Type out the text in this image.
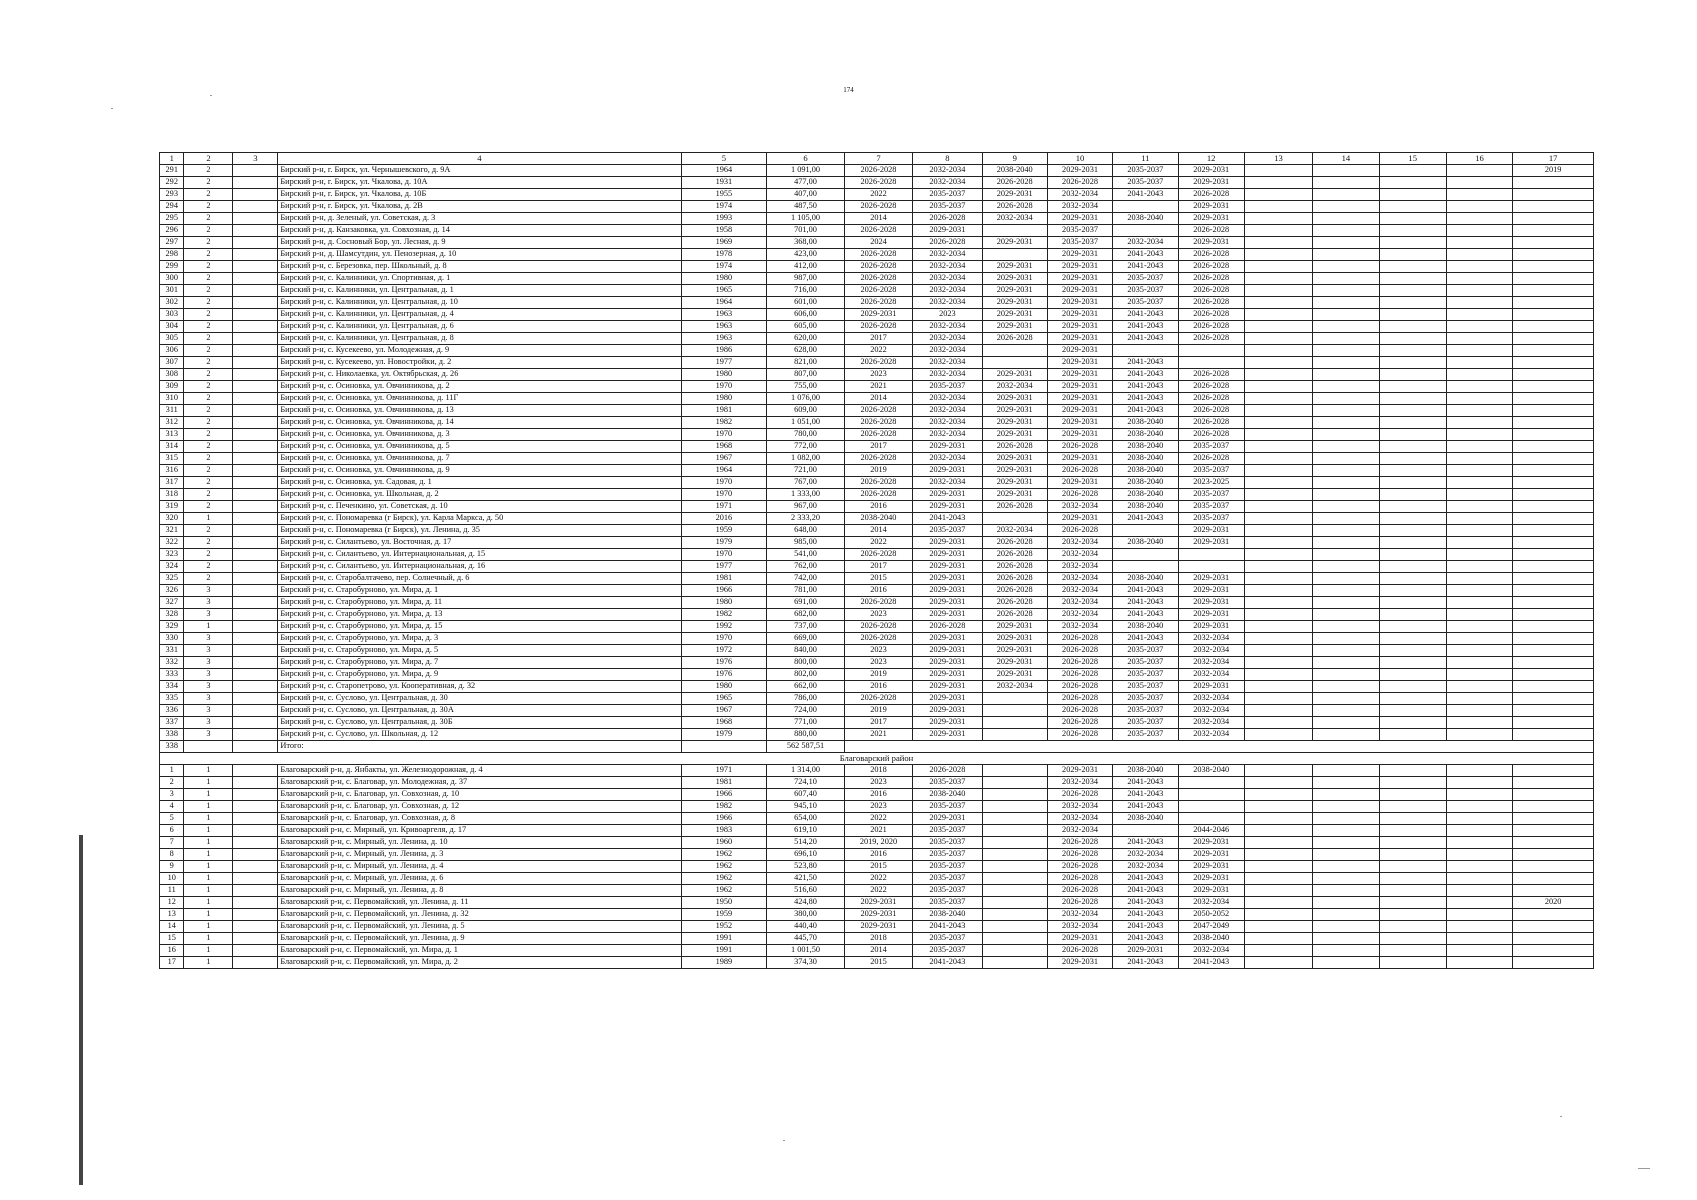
174
1	2	3	4	5	6	7	8	9	10	11	12	13	14	15	16	17
291	2		Бирский р-н, г. Бирск, ул. Чернышевского, д. 9А	1964	1 091,00	2026-2028	2032-2034	2038-2040	2029-2031	2035-2037	2029-2031					2019
292	2		Бирский р-н, г. Бирск, ул. Чкалова, д. 10А	1931	477,00	2026-2028	2032-2034	2026-2028	2026-2028	2035-2037	2029-2031					
293	2		Бирский р-н, г. Бирск, ул. Чкалова, д. 10Б	1955	407,00	2022	2035-2037	2029-2031	2032-2034	2041-2043	2026-2028					
294	2		Бирский р-н, г. Бирск, ул. Чкалова, д. 2В	1974	487,50	2026-2028	2035-2037	2026-2028	2032-2034		2029-2031					
295	2		Бирский р-н, д. Зеленый, ул. Советская, д. 3	1993	1 105,00	2014	2026-2028	2032-2034	2029-2031	2038-2040	2029-2031					
296	2		Бирский р-н, д. Канзаковка, ул. Совхозная, д. 14	1958	701,00	2026-2028	2029-2031		2035-2037		2026-2028					
297	2		Бирский р-н, д. Сосновый Бор, ул. Лесная, д. 9	1969	368,00	2024	2026-2028	2029-2031	2035-2037	2032-2034	2029-2031					
298	2		Бирский р-н, д. Шамсутдин, ул. Пенозерная, д. 10	1978	423,00	2026-2028	2032-2034		2029-2031	2041-2043	2026-2028					
299	2		Бирский р-н, с. Березовка, пер. Школьный, д. 8	1974	412,00	2026-2028	2032-2034	2029-2031	2029-2031	2041-2043	2026-2028					
300	2		Бирский р-н, с. Калинники, ул. Спортивная, д. 1	1980	987,00	2026-2028	2032-2034	2029-2031	2029-2031	2035-2037	2026-2028					
301	2		Бирский р-н, с. Калинники, ул. Центральная, д. 1	1965	716,00	2026-2028	2032-2034	2029-2031	2029-2031	2035-2037	2026-2028					
302	2		Бирский р-н, с. Калинники, ул. Центральная, д. 10	1964	601,00	2026-2028	2032-2034	2029-2031	2029-2031	2035-2037	2026-2028					
303	2		Бирский р-н, с. Калинники, ул. Центральная, д. 4	1963	606,00	2029-2031	2023	2029-2031	2029-2031	2041-2043	2026-2028					
304	2		Бирский р-н, с. Калинники, ул. Центральная, д. 6	1963	605,00	2026-2028	2032-2034	2029-2031	2029-2031	2041-2043	2026-2028					
305	2		Бирский р-н, с. Калинники, ул. Центральная, д. 8	1963	620,00	2017	2032-2034	2026-2028	2029-2031	2041-2043	2026-2028					
306	2		Бирский р-н, с. Кусекеево, ул. Молодежная, д. 9	1986	628,00	2022	2032-2034		2029-2031							
307	2		Бирский р-н, с. Кусекеево, ул. Новостройки, д. 2	1977	821,00	2026-2028	2032-2034		2029-2031	2041-2043						
308	2		Бирский р-н, с. Николаевка, ул. Октябрьская, д. 26	1980	807,00	2023	2032-2034	2029-2031	2029-2031	2041-2043	2026-2028					
309	2		Бирский р-н, с. Осиновка, ул. Овчинникова, д. 2	1970	755,00	2021	2035-2037	2032-2034	2029-2031	2041-2043	2026-2028					
310	2		Бирский р-н, с. Осиновка, ул. Овчинникова, д. 11Г	1980	1 076,00	2014	2032-2034	2029-2031	2029-2031	2041-2043	2026-2028					
311	2		Бирский р-н, с. Осиновка, ул. Овчинникова, д. 13	1981	609,00	2026-2028	2032-2034	2029-2031	2029-2031	2041-2043	2026-2028					
312	2		Бирский р-н, с. Осиновка, ул. Овчинникова, д. 14	1982	1 051,00	2026-2028	2032-2034	2029-2031	2029-2031	2038-2040	2026-2028					
313	2		Бирский р-н, с. Осиновка, ул. Овчинникова, д. 3	1970	780,00	2026-2028	2032-2034	2029-2031	2029-2031	2038-2040	2026-2028					
314	2		Бирский р-н, с. Осиновка, ул. Овчинникова, д. 5	1968	772,00	2017	2029-2031	2026-2028	2026-2028	2038-2040	2035-2037					
315	2		Бирский р-н, с. Осиновка, ул. Овчинникова, д. 7	1967	1 082,00	2026-2028	2032-2034	2029-2031	2029-2031	2038-2040	2026-2028					
316	2		Бирский р-н, с. Осиновка, ул. Овчинникова, д. 9	1964	721,00	2019	2029-2031	2029-2031	2026-2028	2038-2040	2035-2037					
317	2		Бирский р-н, с. Осиновка, ул. Садовая, д. 1	1970	767,00	2026-2028	2032-2034	2029-2031	2029-2031	2038-2040	2023-2025					
318	2		Бирский р-н, с. Осиновка, ул. Школьная, д. 2	1970	1 333,00	2026-2028	2029-2031	2029-2031	2026-2028	2038-2040	2035-2037					
319	2		Бирский р-н, с. Печенкино, ул. Советская, д. 10	1971	967,00	2016	2029-2031	2026-2028	2032-2034	2038-2040	2035-2037					
320	1		Бирский р-н, с. Пономаревка (г Бирск), ул. Карла Маркса, д. 50	2016	2 333,20	2038-2040	2041-2043		2029-2031	2041-2043	2035-2037					
321	2		Бирский р-н, с. Пономаревка (г Бирск), ул. Ленина, д. 35	1959	648,00	2014	2035-2037	2032-2034	2026-2028		2029-2031					
322	2		Бирский р-н, с. Силантьево, ул. Восточная, д. 17	1979	985,00	2022	2029-2031	2026-2028	2032-2034	2038-2040	2029-2031					
323	2		Бирский р-н, с. Силантьево, ул. Интернациональная, д. 15	1970	541,00	2026-2028	2029-2031	2026-2028	2032-2034							
324	2		Бирский р-н, с. Силантьево, ул. Интернациональная, д. 16	1977	762,00	2017	2029-2031	2026-2028	2032-2034							
325	2		Бирский р-н, с. Старобалтачево, пер. Солнечный, д. 6	1981	742,00	2015	2029-2031	2026-2028	2032-2034	2038-2040	2029-2031					
326	3		Бирский р-н, с. Старобурново, ул. Мира, д. 1	1966	781,00	2016	2029-2031	2026-2028	2032-2034	2041-2043	2029-2031					
327	3		Бирский р-н, с. Старобурново, ул. Мира, д. 11	1980	691,00	2026-2028	2029-2031	2026-2028	2032-2034	2041-2043	2029-2031					
328	3		Бирский р-н, с. Старобурново, ул. Мира, д. 13	1982	682,00	2023	2029-2031	2026-2028	2032-2034	2041-2043	2029-2031					
329	1		Бирский р-н, с. Старобурново, ул. Мира, д. 15	1992	737,00	2026-2028	2026-2028	2029-2031	2032-2034	2038-2040	2029-2031					
330	3		Бирский р-н, с. Старобурново, ул. Мира, д. 3	1970	669,00	2026-2028	2029-2031	2029-2031	2026-2028	2041-2043	2032-2034					
331	3		Бирский р-н, с. Старобурново, ул. Мира, д. 5	1972	840,00	2023	2029-2031	2029-2031	2026-2028	2035-2037	2032-2034					
332	3		Бирский р-н, с. Старобурново, ул. Мира, д. 7	1976	800,00	2023	2029-2031	2029-2031	2026-2028	2035-2037	2032-2034					
333	3		Бирский р-н, с. Старобурново, ул. Мира, д. 9	1976	802,00	2019	2029-2031	2029-2031	2026-2028	2035-2037	2032-2034					
334	3		Бирский р-н, с. Старопетрово, ул. Кооперативная, д. 32	1980	662,00	2016	2029-2031	2032-2034	2026-2028	2035-2037	2029-2031					
335	3		Бирский р-н, с. Суслово, ул. Центральная, д. 30	1965	786,00	2026-2028	2029-2031		2026-2028	2035-2037	2032-2034					
336	3		Бирский р-н, с. Суслово, ул. Центральная, д. 30А	1967	724,00	2019	2029-2031		2026-2028	2035-2037	2032-2034					
337	3		Бирский р-н, с. Суслово, ул. Центральная, д. 30Б	1968	771,00	2017	2029-2031		2026-2028	2035-2037	2032-2034					
338	3		Бирский р-н, с. Суслово, ул. Школьная, д. 12	1979	880,00	2021	2029-2031		2026-2028	2035-2037	2032-2034					
338			Итого:		562 587,51											
Благоварский район																
1	1		Благоварский р-н, д. Янбакты, ул. Железнодорожная, д. 4	1971	1 314,00	2018	2026-2028		2029-2031	2038-2040	2038-2040					
2	1		Благоварский р-н, с. Благовар, ул. Молодежная, д. 37	1981	724,10	2023	2035-2037		2032-2034	2041-2043						
3	1		Благоварский р-н, с. Благовар, ул. Совхозная, д. 10	1966	607,40	2016	2038-2040		2026-2028	2041-2043						
4	1		Благоварский р-н, с. Благовар, ул. Совхозная, д. 12	1982	945,10	2023	2035-2037		2032-2034	2041-2043						
5	1		Благоварский р-н, с. Благовар, ул. Совхозная, д. 8	1966	654,00	2022	2029-2031		2032-2034	2038-2040						
6	1		Благоварский р-н, с. Мирный, ул. Кривоаргеля, д. 17	1983	619,10	2021	2035-2037		2032-2034		2044-2046					
7	1		Благоварский р-н, с. Мирный, ул. Ленина, д. 10	1960	514,20	2019, 2020	2035-2037		2026-2028	2041-2043	2029-2031					
8	1		Благоварский р-н, с. Мирный, ул. Ленина, д. 3	1962	696,10	2016	2035-2037		2026-2028	2032-2034	2029-2031					
9	1		Благоварский р-н, с. Мирный, ул. Ленина, д. 4	1962	523,80	2015	2035-2037		2026-2028	2032-2034	2029-2031					
10	1		Благоварский р-н, с. Мирный, ул. Ленина, д. 6	1962	421,50	2022	2035-2037		2026-2028	2041-2043	2029-2031					
11	1		Благоварский р-н, с. Мирный, ул. Ленина, д. 8	1962	516,60	2022	2035-2037		2026-2028	2041-2043	2029-2031					
12	1		Благоварский р-н, с. Первомайский, ул. Ленина, д. 11	1950	424,80	2029-2031	2035-2037		2026-2028	2041-2043	2032-2034					2020
13	1		Благоварский р-н, с. Первомайский, ул. Ленина, д. 32	1959	380,00	2029-2031	2038-2040		2032-2034	2041-2043	2050-2052					
14	1		Благоварский р-н, с. Первомайский, ул. Ленина, д. 5	1952	440,40	2029-2031	2041-2043		2032-2034	2041-2043	2047-2049					
15	1		Благоварский р-н, с. Первомайский, ул. Ленина, д. 9	1991	445,70	2018	2035-2037		2029-2031	2041-2043	2038-2040					
16	1		Благоварский р-н, с. Первомайский, ул. Мира, д. 1	1991	1 001,50	2014	2035-2037		2026-2028	2029-2031	2032-2034					
17	1		Благоварский р-н, с. Первомайский, ул. Мира, д. 2	1989	374,30	2015	2041-2043		2029-2031	2041-2043	2041-2043					
